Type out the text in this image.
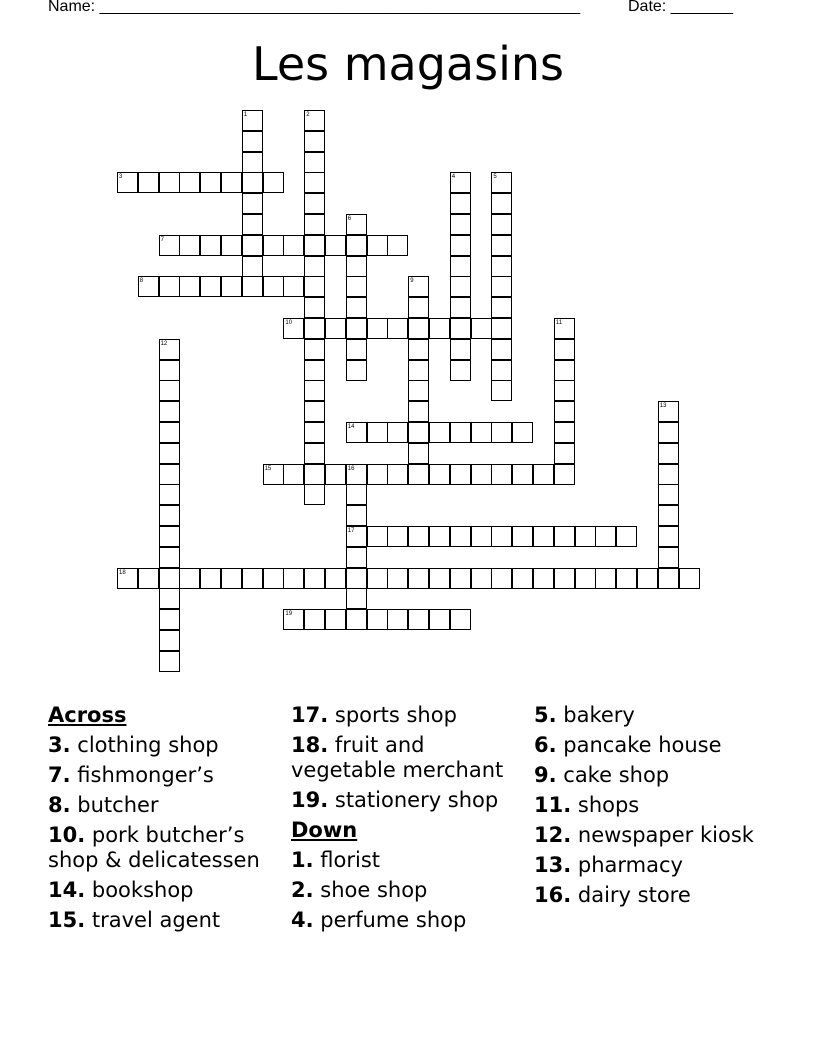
Name: ______________________________________________________	Date: _______
Les magasins
1	2
3	4	5
6
7
8	9
10	11
12
13
14
15	16
17
18
19
Across
3. clothing shop
7. fishmonger’s
8. butcher
10. pork butcher’s shop & delicatessen
14. bookshop
15. travel agent
17. sports shop
18. fruit and vegetable merchant
19. stationery shop
Down
1. florist
2. shoe shop
4. perfume shop
5. bakery
6. pancake house
9. cake shop
11. shops
12. newspaper kiosk
13. pharmacy
16. dairy store
